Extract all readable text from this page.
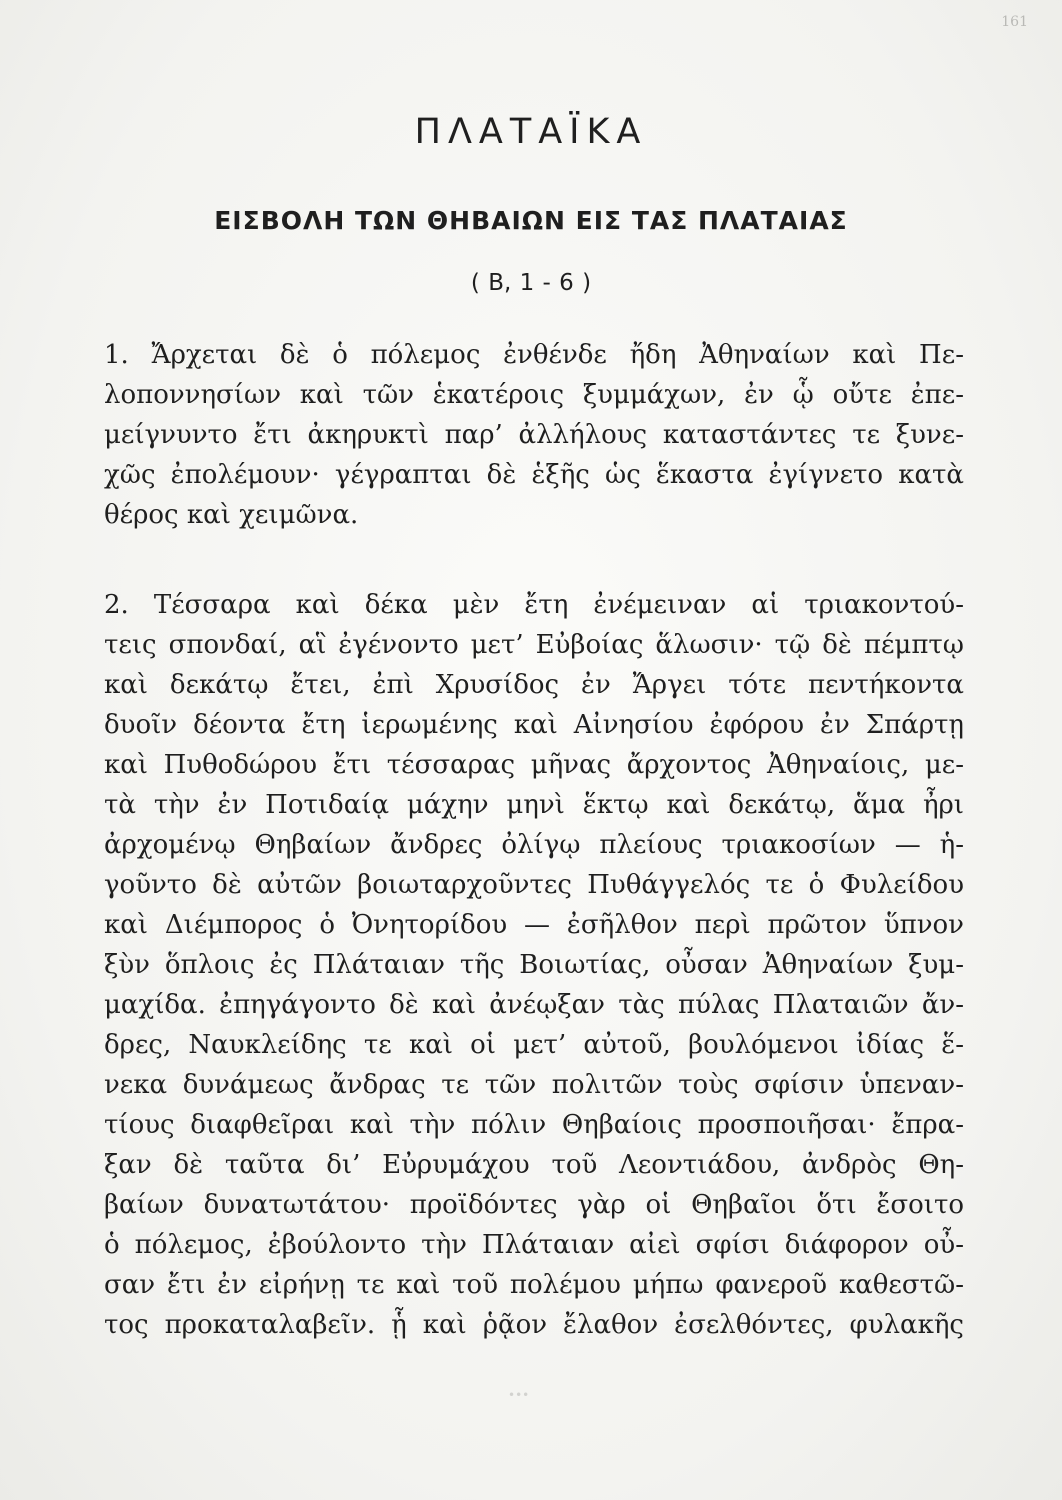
161
ΠΛΑΤΑΪΚΑ
ΕΙΣΒΟΛΗ ΤΩΝ ΘΗΒΑΙΩΝ ΕΙΣ ΤΑΣ ΠΛΑΤΑΙΑΣ
( B, 1 - 6 )
1. Ἄρχεται δὲ ὁ πόλεμος ἐνθένδε ἤδη Ἀθηναίων καὶ Πε-
λοποννησίων καὶ τῶν ἑκατέροις ξυμμάχων, ἐν ᾧ οὔτε ἐπε-
μείγνυντο ἔτι ἀκηρυκτὶ παρ’ ἀλλήλους καταστάντες τε ξυνε-
χῶς ἐπολέμουν· γέγραπται δὲ ἑξῆς ὡς ἕκαστα ἐγίγνετο κατὰ
θέρος καὶ χειμῶνα.
2. Τέσσαρα καὶ δέκα μὲν ἔτη ἐνέμειναν αἱ τριακοντού-
τεις σπονδαί, αἳ ἐγένοντο μετ’ Εὐβοίας ἅλωσιν· τῷ δὲ πέμπτῳ
καὶ δεκάτῳ ἔτει, ἐπὶ Χρυσίδος ἐν Ἄργει τότε πεντήκοντα
δυοῖν δέοντα ἔτη ἱερωμένης καὶ Αἰνησίου ἐφόρου ἐν Σπάρτῃ
καὶ Πυθοδώρου ἔτι τέσσαρας μῆνας ἄρχοντος Ἀθηναίοις, με-
τὰ τὴν ἐν Ποτιδαίᾳ μάχην μηνὶ ἕκτῳ καὶ δεκάτῳ, ἅμα ἦρι
ἀρχομένῳ Θηβαίων ἄνδρες ὀλίγῳ πλείους τριακοσίων — ἡ-
γοῦντο δὲ αὐτῶν βοιωταρχοῦντες Πυθάγγελός τε ὁ Φυλείδου
καὶ Διέμπορος ὁ Ὀνητορίδου — ἐσῆλθον περὶ πρῶτον ὕπνον
ξὺν ὅπλοις ἐς Πλάταιαν τῆς Βοιωτίας, οὖσαν Ἀθηναίων ξυμ-
μαχίδα. ἐπηγάγοντο δὲ καὶ ἀνέῳξαν τὰς πύλας Πλαταιῶν ἄν-
δρες, Ναυκλείδης τε καὶ οἱ μετ’ αὐτοῦ, βουλόμενοι ἰδίας ἕ-
νεκα δυνάμεως ἄνδρας τε τῶν πολιτῶν τοὺς σφίσιν ὑπεναν-
τίους διαφθεῖραι καὶ τὴν πόλιν Θηβαίοις προσποιῆσαι· ἔπρα-
ξαν δὲ ταῦτα δι’ Εὐρυμάχου τοῦ Λεοντιάδου, ἀνδρὸς Θη-
βαίων δυνατωτάτου· προϊδόντες γὰρ οἱ Θηβαῖοι ὅτι ἔσοιτο
ὁ πόλεμος, ἐβούλοντο τὴν Πλάταιαν αἰεὶ σφίσι διάφορον οὖ-
σαν ἔτι ἐν εἰρήνῃ τε καὶ τοῦ πολέμου μήπω φανεροῦ καθεστῶ-
τος προκαταλαβεῖν. ᾗ καὶ ῥᾷον ἔλαθον ἐσελθόντες, φυλακῆς
•••
